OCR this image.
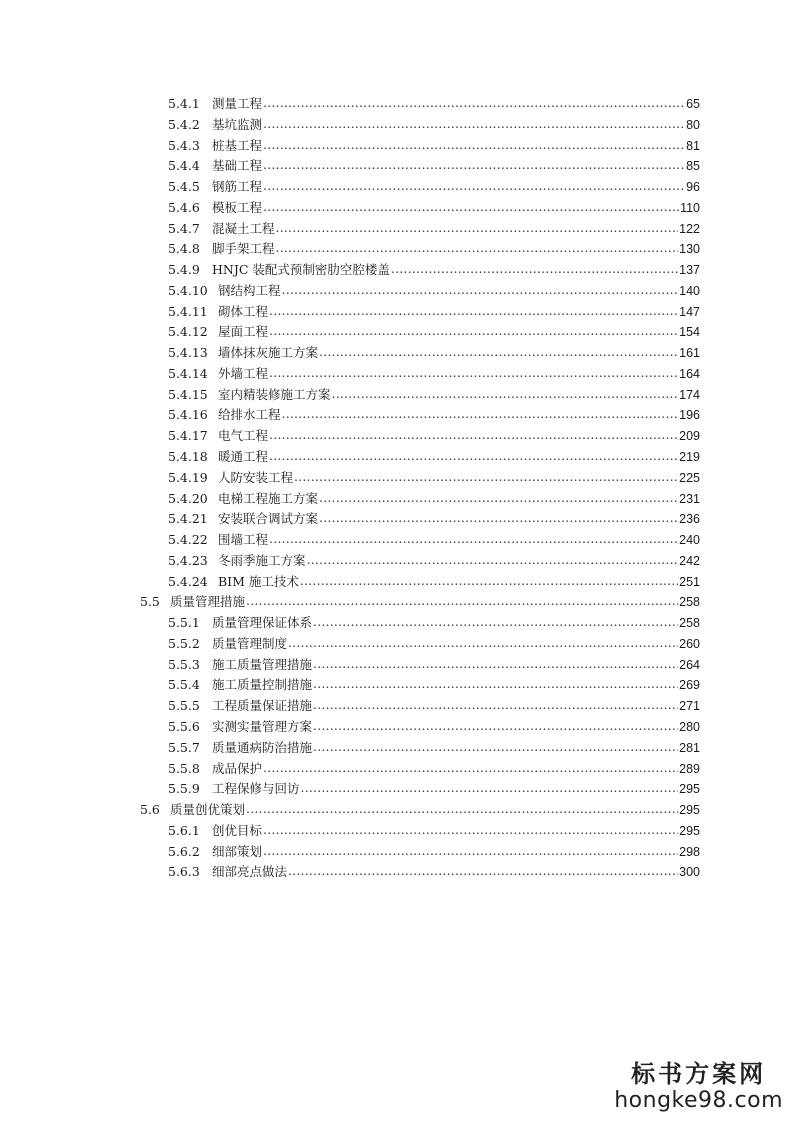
5.4.1 测量工程 .....	65
5.4.2 基坑监测 .....	80
5.4.3 桩基工程 .....	81
5.4.4 基础工程 .....	85
5.4.5 钢筋工程 .....	96
5.4.6 模板工程 .....	110
5.4.7 混凝土工程 .....	122
5.4.8 脚手架工程 .....	130
5.4.9 HNJC 装配式预制密肋空腔楼盖 .....	137
5.4.10 钢结构工程 .....	140
5.4.11 砌体工程 .....	147
5.4.12 屋面工程 .....	154
5.4.13 墙体抹灰施工方案 .....	161
5.4.14 外墙工程 .....	164
5.4.15 室内精装修施工方案 .....	174
5.4.16 给排水工程 .....	196
5.4.17 电气工程 .....	209
5.4.18 暖通工程 .....	219
5.4.19 人防安装工程 .....	225
5.4.20 电梯工程施工方案 .....	231
5.4.21 安装联合调试方案 .....	236
5.4.22 围墙工程 .....	240
5.4.23 冬雨季施工方案 .....	242
5.4.24 BIM 施工技术 .....	251
5.5 质量管理措施 .....	258
5.5.1 质量管理保证体系 .....	258
5.5.2 质量管理制度 .....	260
5.5.3 施工质量管理措施 .....	264
5.5.4 施工质量控制措施 .....	269
5.5.5 工程质量保证措施 .....	271
5.5.6 实测实量管理方案 .....	280
5.5.7 质量通病防治措施 .....	281
5.5.8 成品保护 .....	289
5.5.9 工程保修与回访 .....	295
5.6 质量创优策划 .....	295
5.6.1 创优目标 .....	295
5.6.2 细部策划 .....	298
5.6.3 细部亮点做法 .....	300
标书方案网
hongke98.com
